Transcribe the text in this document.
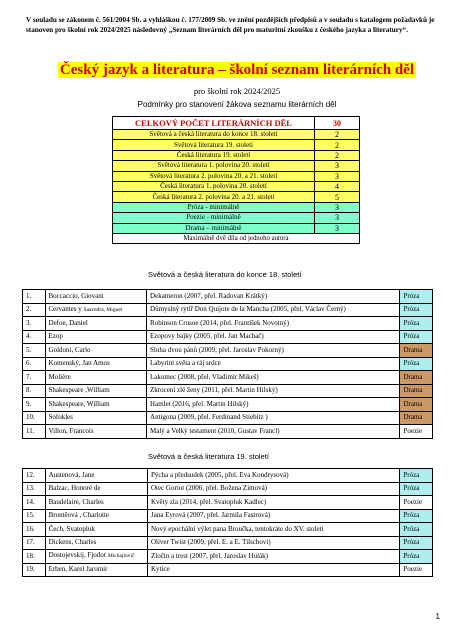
V souladu se zákonem č. 561/2004 Sb. a vyhláškou č. 177/2009 Sb. ve znění pozdějších předpisů a v souladu s katalogem požadavků je stanoven pro školní rok 2024/2025 následovný „Seznam literárních děl pro maturitní zkoušku z českého jazyka a literatury“.
Český jazyk a literatura – školní seznam literárních děl
pro školní rok 2024/2025
Podmínky pro stanovení žákova seznamu literárních děl
CELKOVÝ POČET LITERÁRNÍCH DĚL	30
Světová a česká literatura do konce 18. století	2
Světová literatura 19. století	2
Česká literatura 19. století	2
Světová literatura 1. polovina 20. století	3
Světová literatura 2. polovina 20. a 21. století	3
Česká literatura 1. polovina 20. století	4
Česká literatura 2. polovina 20. a 21. století	5
Próza - minimálně	3
Poezie - minimálně	3
Drama – minimálně	3
Maximálně dvě díla od jednoho autora	
Světová a česká literatura do konce 18. století
1.	Boccaccio, Giovani	Dekameron (2007, přel. Radovan Krátký)	Próza
2.	Cervantes y Saavedra, Miguel	Důmyslný rytíř Don Quijote de la Mancha (2005, přel. Václav Černý)	Próza
3.	Defoe, Daniel	Robinson Crusoe (2014, přel. František Novotný)	Próza
4.	Ezop	Ezopovy bajky (2005, přel. Jan Machač)	Próza
5.	Goldoni, Carlo	Sluha dvou pánů (2009, přel. Jaroslav Pokorný)	Drama
6.	Komenský, Jan Amos	Labyrint světa a ráj srdce	Próza
7.	Molière	Lakomec (2008, přel. Vladimír Mikeš)	Drama
8.	Shakespeare ,William	Zkrocení zlé ženy (2011, přel. Martin Hilský)	Drama
9.	Shakespeare, William	Hamlet (2016, přel. Martin Hilský)	Drama
10.	Sofokles	Antigona (2009, přel. Ferdinand Stiebitz )	Drama
11.	Villon, Francois	Malý a Velký testament (2010, Gustav Francl)	Poezie
Světová a česká literatura 19. století
12.	Austenová, Jane	Pýcha a předsudek (2005, přel. Eva Kondrysová)	Próza
13.	Balzac, Honoré de	Otec Goriot (2006, přel. Božena Zimová)	Próza
14.	Baudelaire, Charles	Květy zla (2014, přel. Svatopluk Kadlec)	Poezie
15.	Brontëová , Charlotte	Jana Eyrová (2007, přel. Jarmila Fastrová)	Próza
16.	Čech, Svatopluk	Nový epochální výlet pana Broučka, tentokráte do XV. století	Próza
17.	Dickens, Charles	Oliver Twist (2009, přel. E. a E. Tilschovi)	Próza
18.	Dostojevskij, Fjodor Michajlovič	Zločin a trest (2007, přel. Jaroslav Hulák)	Próza
19.	Erben, Karel Jaromír	Kytice	Poezie
1
